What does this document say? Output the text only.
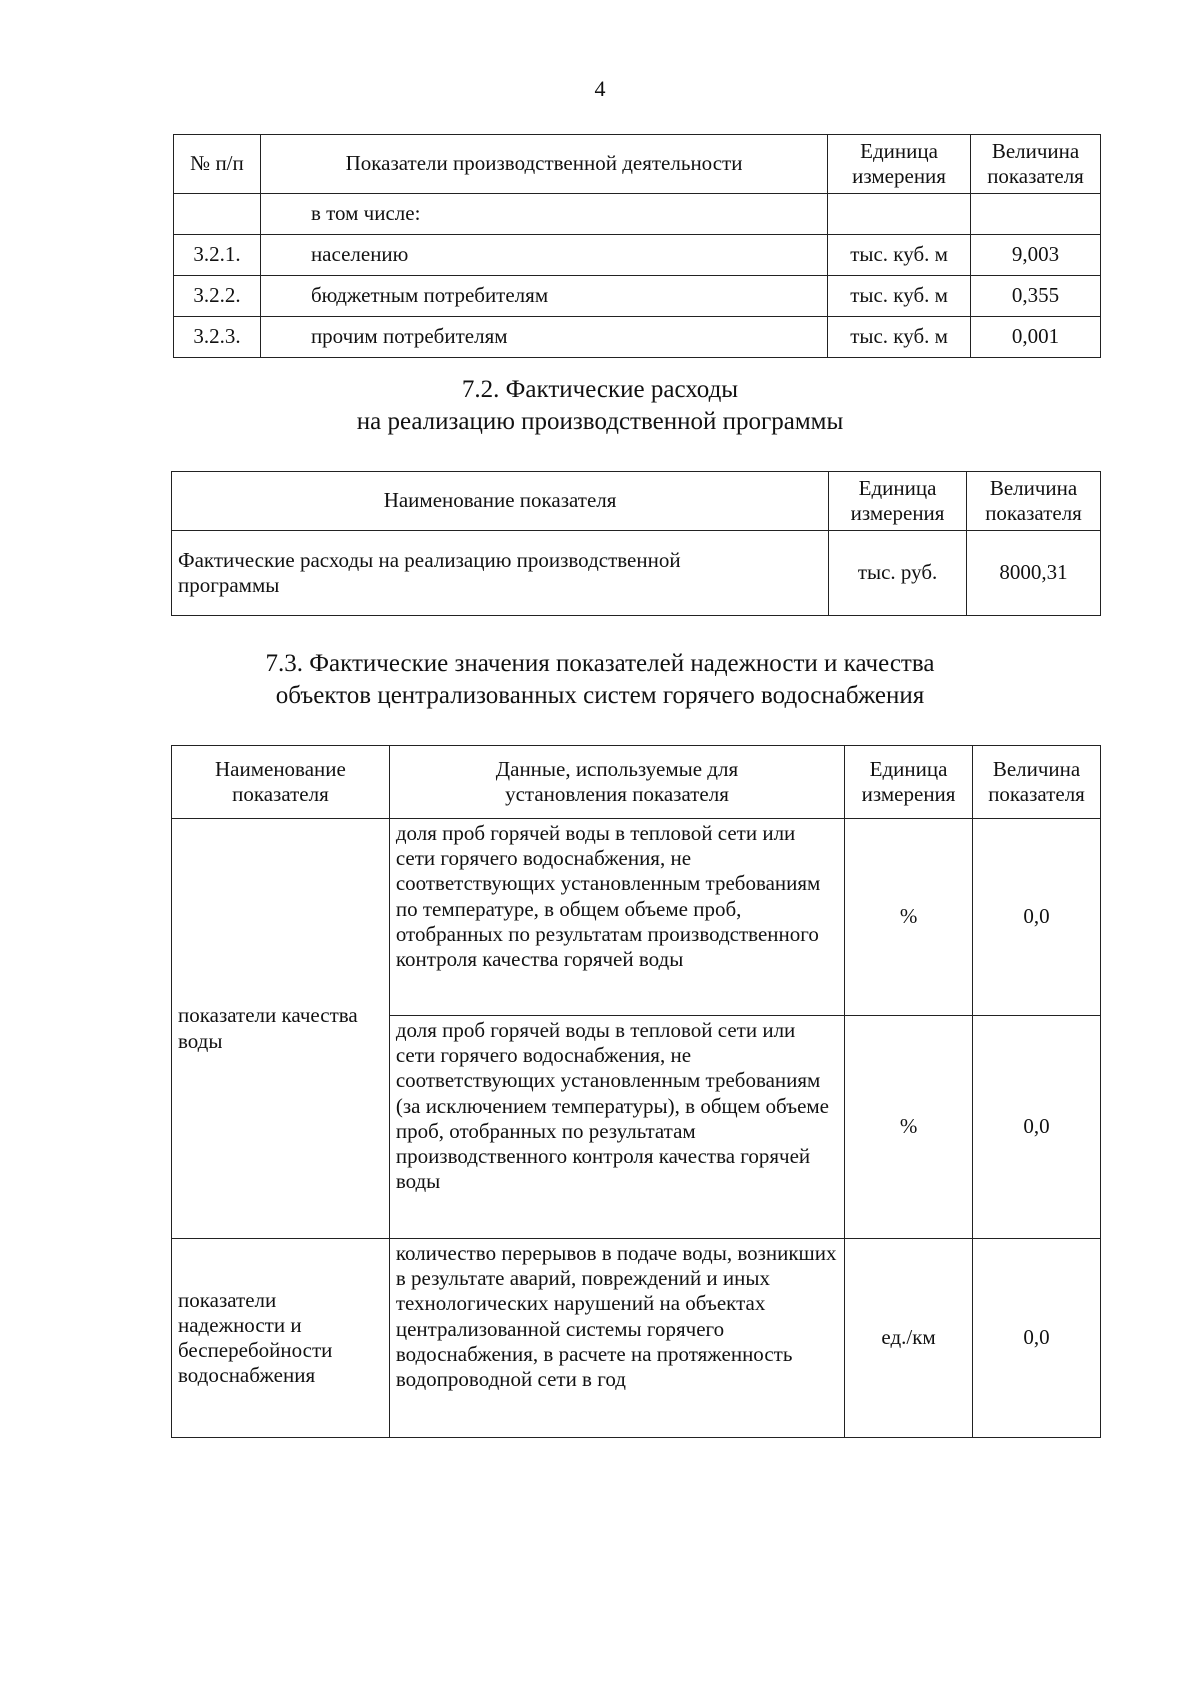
4
№ п/п	Показатели производственной деятельности	Единица измерения	Величина показателя
	в том числе:		
3.2.1.	населению	тыс. куб. м	9,003
3.2.2.	бюджетным потребителям	тыс. куб. м	0,355
3.2.3.	прочим потребителям	тыс. куб. м	0,001
7.2. Фактические расходы
на реализацию производственной программы
Наименование показателя	Единица измерения	Величина показателя
Фактические расходы на реализацию производственной программы	тыс. руб.	8000,31
7.3. Фактические значения показателей надежности и качества
объектов централизованных систем горячего водоснабжения
Наименование показателя	Данные, используемые для установления показателя	Единица измерения	Величина показателя
показатели качества воды	доля проб горячей воды в тепловой сети или сети горячего водоснабжения, не соответствующих установленным требованиям по температуре, в общем объеме проб, отобранных по результатам производственного контроля качества горячей воды	%	0,0
	доля проб горячей воды в тепловой сети или сети горячего водоснабжения, не соответствующих установленным требованиям (за исключением температуры), в общем объеме проб, отобранных по результатам производственного контроля качества горячей воды	%	0,0
показатели надежности и бесперебойности водоснабжения	количество перерывов в подаче воды, возникших в результате аварий, повреждений и иных технологических нарушений на объектах централизованной системы горячего водоснабжения, в расчете на протяженность водопроводной сети в год	ед./км	0,0
